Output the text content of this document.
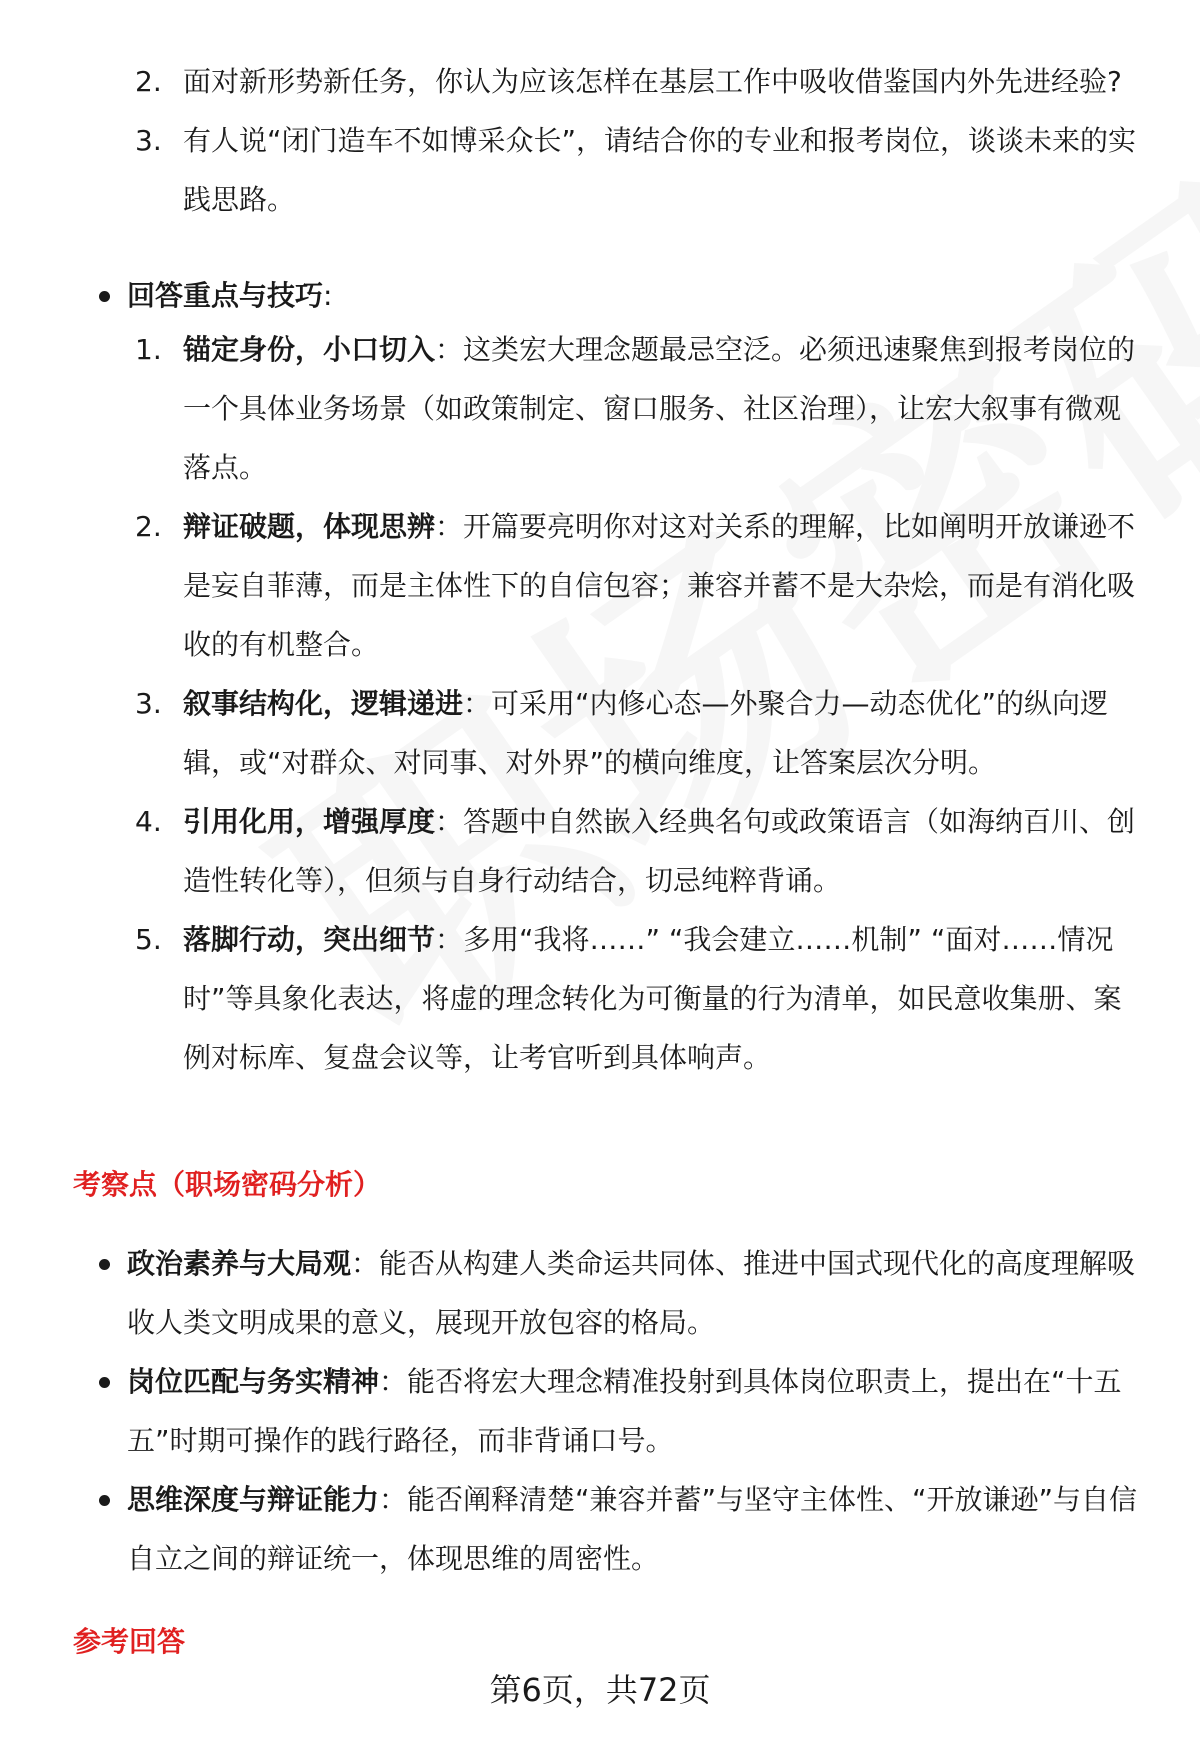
2. 面对新形势新任务，你认为应该怎样在基层工作中吸收借鉴国内外先进经验?
3. 有人说“闭门造车不如博采众长”，请结合你的专业和报考岗位，谈谈未来的实践思路。
回答重点与技巧:
1. 锚定身份，小口切入：这类宏大理念题最忌空泛。必须迅速聚焦到报考岗位的一个具体业务场景（如政策制定、窗口服务、社区治理），让宏大叙事有微观落点。
2. 辩证破题，体现思辨：开篇要亮明你对这对关系的理解，比如阐明开放谦逊不是妄自菲薄，而是主体性下的自信包容；兼容并蓄不是大杂烩，而是有消化吸收的有机整合。
3. 叙事结构化，逻辑递进：可采用“内修心态—外聚合力—动态优化”的纵向逻辑，或“对群众、对同事、对外界”的横向维度，让答案层次分明。
4. 引用化用，增强厚度：答题中自然嵌入经典名句或政策语言（如海纳百川、创造性转化等），但须与自身行动结合，切忌纯粹背诵。
5. 落脚行动，突出细节：多用“我将……” “我会建立……机制” “面对……情况时”等具象化表达，将虚的理念转化为可衡量的行为清单，如民意收集册、案例对标库、复盘会议等，让考官听到具体响声。
考察点（职场密码分析）
政治素养与大局观：能否从构建人类命运共同体、推进中国式现代化的高度理解吸收人类文明成果的意义，展现开放包容的格局。
岗位匹配与务实精神：能否将宏大理念精准投射到具体岗位职责上，提出在“十五五”时期可操作的践行路径，而非背诵口号。
思维深度与辩证能力：能否阐释清楚“兼容并蓄”与坚守主体性、“开放谦逊”与自信自立之间的辩证统一，体现思维的周密性。
参考回答
第6页，共72页
